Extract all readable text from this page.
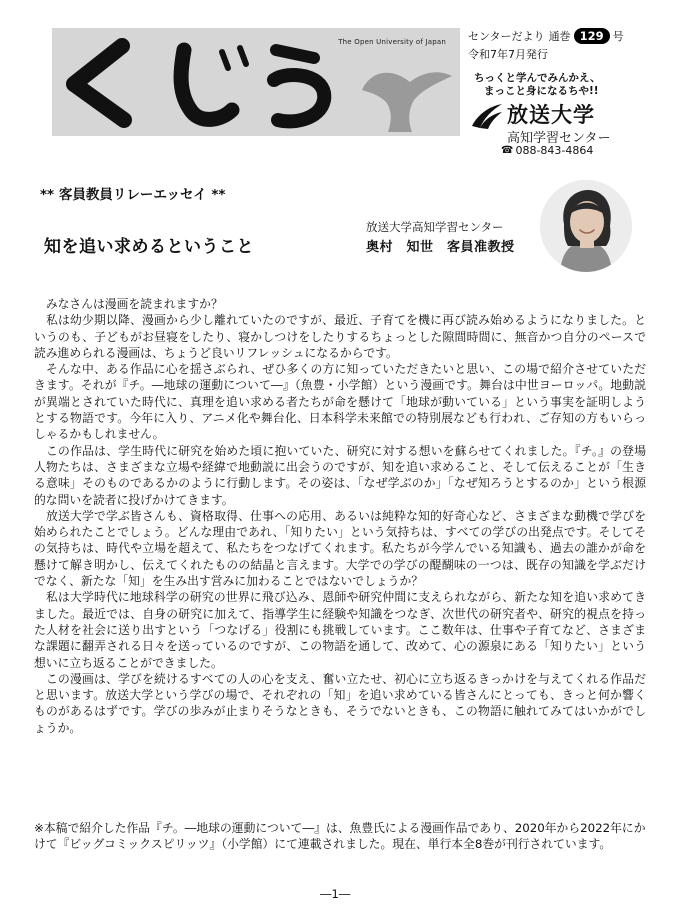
The Open University of Japan センターだより 通巻 129 号
令和7年7月発行
ちっくと学んでみんかえ、
まっこと身になるちや!!
放送大学
高知学習センター
☎ 088-843-4864
** 客員教員リレーエッセイ **
知を追い求めるということ
放送大学高知学習センター
奥村　知世　客員准教授

　みなさんは漫画を読まれますか？

　私は幼少期以降、漫画から少し離れていたのですが、最近、子育てを機に再び読み始めるようになりました。というのも、子どもがお昼寝をしたり、寝かしつけをしたりするちょっとした隙間時間に、無音かつ自分のペースで読み進められる漫画は、ちょうど良いリフレッシュになるからです。

　そんな中、ある作品に心を揺さぶられ、ぜひ多くの方に知っていただきたいと思い、この場で紹介させていただきます。それが『チ。―地球の運動について―』（魚豊・小学館）という漫画です。舞台は中世ヨーロッパ。地動説が異端とされていた時代に、真理を追い求める者たちが命を懸けて「地球が動いている」という事実を証明しようとする物語です。今年に入り、アニメ化や舞台化、日本科学未来館での特別展なども行われ、ご存知の方もいらっしゃるかもしれません。

　この作品は、学生時代に研究を始めた頃に抱いていた、研究に対する想いを蘇らせてくれました。『チ。』の登場人物たちは、さまざまな立場や経緯で地動説に出会うのですが、知を追い求めること、そして伝えることが「生きる意味」そのものであるかのように行動します。その姿は、「なぜ学ぶのか」「なぜ知ろうとするのか」という根源的な問いを読者に投げかけてきます。

　放送大学で学ぶ皆さんも、資格取得、仕事への応用、あるいは純粋な知的好奇心など、さまざまな動機で学びを始められたことでしょう。どんな理由であれ、「知りたい」という気持ちは、すべての学びの出発点です。そしてその気持ちは、時代や立場を超えて、私たちをつなげてくれます。私たちが今学んでいる知識も、過去の誰かが命を懸けて解き明かし、伝えてくれたものの結晶と言えます。大学での学びの醍醐味の一つは、既存の知識を学ぶだけでなく、新たな「知」を生み出す営みに加わることではないでしょうか？

　私は大学時代に地球科学の研究の世界に飛び込み、恩師や研究仲間に支えられながら、新たな知を追い求めてきました。最近では、自身の研究に加えて、指導学生に経験や知識をつなぎ、次世代の研究者や、研究的視点を持った人材を社会に送り出すという「つなげる」役割にも挑戦しています。ここ数年は、仕事や子育てなど、さまざまな課題に翻弄される日々を送っているのですが、この物語を通して、改めて、心の源泉にある「知りたい」という想いに立ち返ることができました。

　この漫画は、学びを続けるすべての人の心を支え、奮い立たせ、初心に立ち返るきっかけを与えてくれる作品だと思います。放送大学という学びの場で、それぞれの「知」を追い求めている皆さんにとっても、きっと何か響くものがあるはずです。学びの歩みが止まりそうなときも、そうでないときも、この物語に触れてみてはいかがでしょうか。

※本稿で紹介した作品『チ。―地球の運動について―』は、魚豊氏による漫画作品であり、2020年から2022年にかけて『ビッグコミックスピリッツ』（小学館）にて連載されました。現在、単行本全8巻が刊行されています。

―1―
